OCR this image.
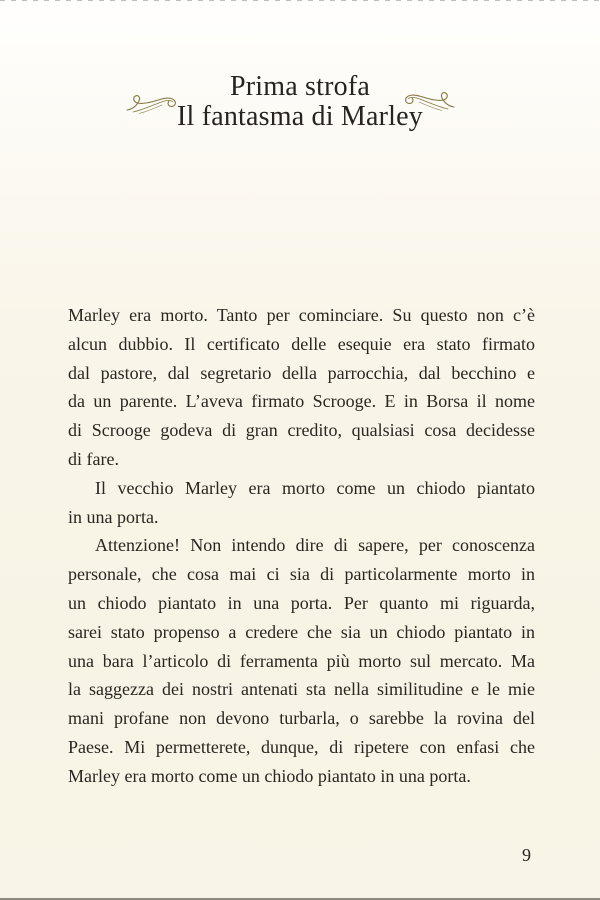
Prima strofa
Il fantasma di Marley
Marley era morto. Tanto per cominciare. Su questo non c’è
alcun dubbio. Il certificato delle esequie era stato firmato
dal pastore, dal segretario della parrocchia, dal becchino e
da un parente. L’aveva firmato Scrooge. E in Borsa il nome
di Scrooge godeva di gran credito, qualsiasi cosa decidesse
di fare.
Il vecchio Marley era morto come un chiodo piantato
in una porta.
Attenzione! Non intendo dire di sapere, per conoscenza
personale, che cosa mai ci sia di particolarmente morto in
un chiodo piantato in una porta. Per quanto mi riguarda,
sarei stato propenso a credere che sia un chiodo piantato in
una bara l’articolo di ferramenta più morto sul mercato. Ma
la saggezza dei nostri antenati sta nella similitudine e le mie
mani profane non devono turbarla, o sarebbe la rovina del
Paese. Mi permetterete, dunque, di ripetere con enfasi che
Marley era morto come un chiodo piantato in una porta.
9
